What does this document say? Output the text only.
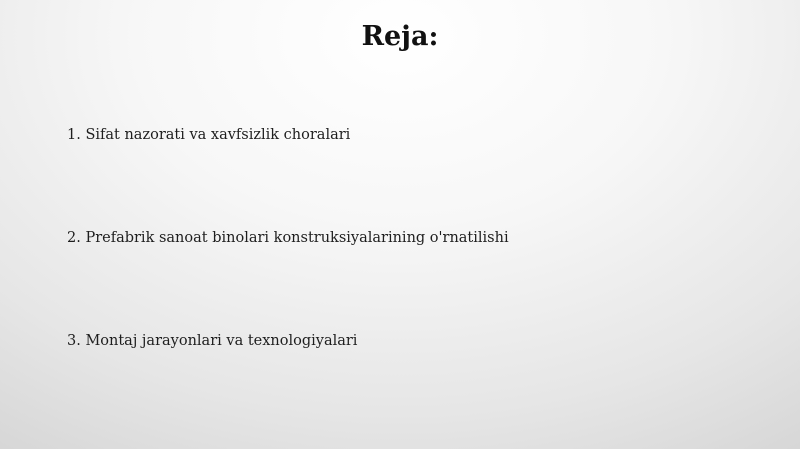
Reja:
1. Sifat nazorati va xavfsizlik choralari
2. Prefabrik sanoat binolari konstruksiyalarining o'rnatilishi
3. Montaj jarayonlari va texnologiyalari
